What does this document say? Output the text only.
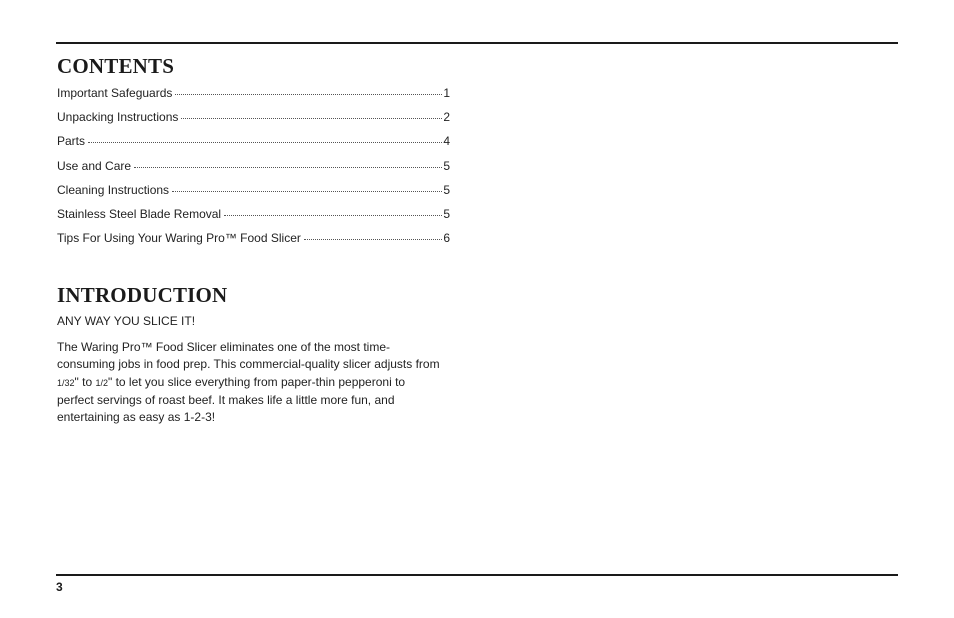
CONTENTS
Important Safeguards	1
Unpacking Instructions	2
Parts	4
Use and Care	5
Cleaning Instructions	5
Stainless Steel Blade Removal	5
Tips For Using Your Waring Pro™ Food Slicer	6
INTRODUCTION

ANY WAY YOU SLICE IT!

The Waring Pro™ Food Slicer eliminates one of the most time-consuming jobs in food prep. This commercial-quality slicer adjusts from 1/32" to 1/2" to let you slice everything from paper-thin pepperoni to perfect servings of roast beef. It makes life a little more fun, and entertaining as easy as 1-2-3!

3
